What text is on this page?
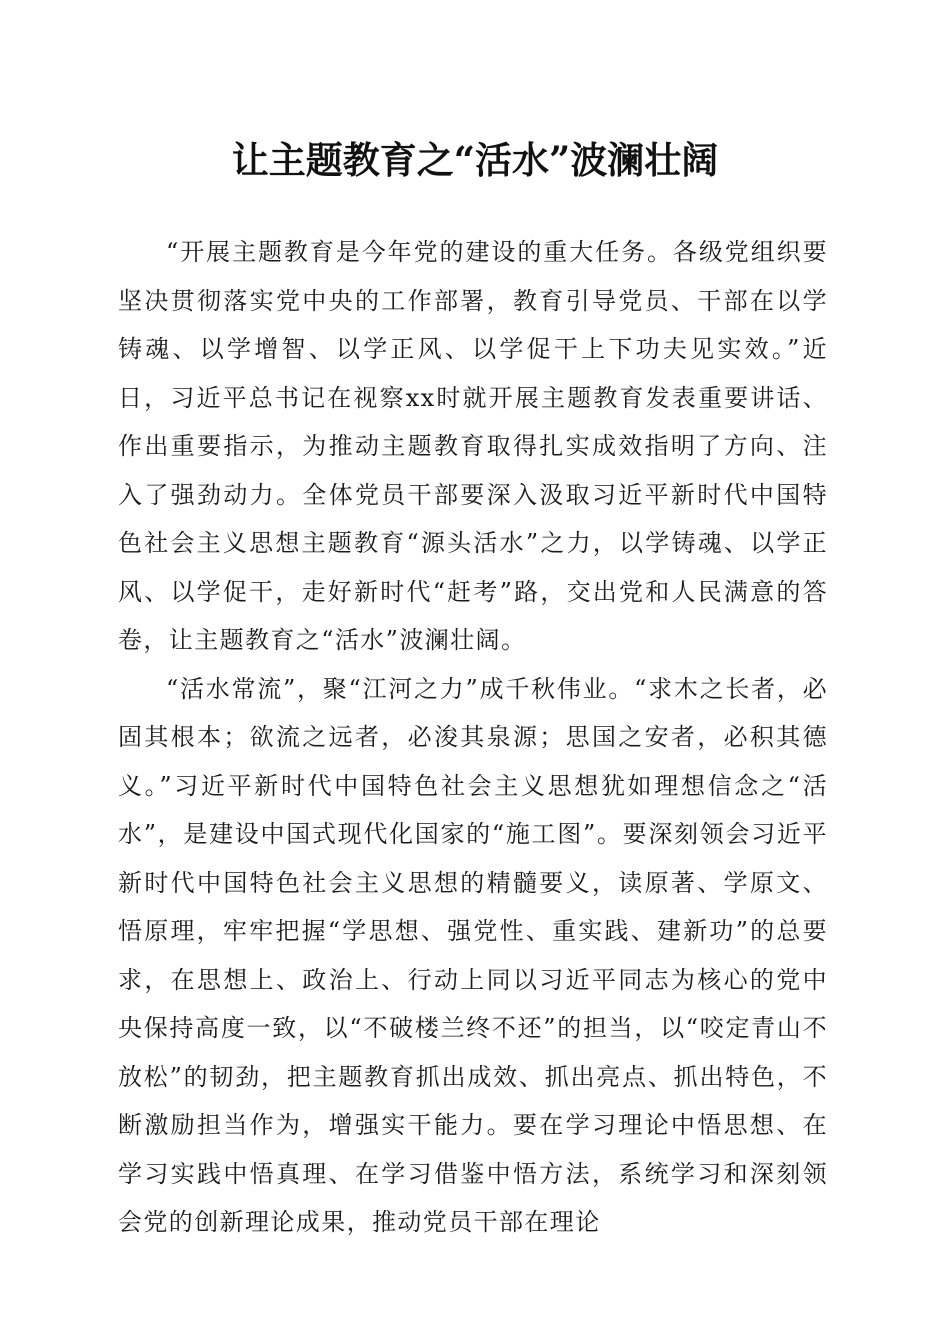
让主题教育之“活水”波澜壮阔

“开展主题教育是今年党的建设的重大任务。各级党组织要坚决贯彻落实党中央的工作部署，教育引导党员、干部在以学铸魂、以学增智、以学正风、以学促干上下功夫见实效。”近日，习近平总书记在视察xx时就开展主题教育发表重要讲话、作出重要指示，为推动主题教育取得扎实成效指明了方向、注入了强劲动力。全体党员干部要深入汲取习近平新时代中国特色社会主义思想主题教育“源头活水”之力，以学铸魂、以学正风、以学促干，走好新时代“赶考”路，交出党和人民满意的答卷，让主题教育之“活水”波澜壮阔。

“活水常流”，聚“江河之力”成千秋伟业。“求木之长者，必固其根本；欲流之远者，必浚其泉源；思国之安者，必积其德义。”习近平新时代中国特色社会主义思想犹如理想信念之“活水”，是建设中国式现代化国家的“施工图”。要深刻领会习近平新时代中国特色社会主义思想的精髓要义，读原著、学原文、悟原理，牢牢把握“学思想、强党性、重实践、建新功”的总要求，在思想上、政治上、行动上同以习近平同志为核心的党中央保持高度一致，以“不破楼兰终不还”的担当，以“咬定青山不放松”的韧劲，把主题教育抓出成效、抓出亮点、抓出特色，不断激励担当作为，增强实干能力。要在学习理论中悟思想、在学习实践中悟真理、在学习借鉴中悟方法，系统学习和深刻领会党的创新理论成果，推动党员干部在理论
